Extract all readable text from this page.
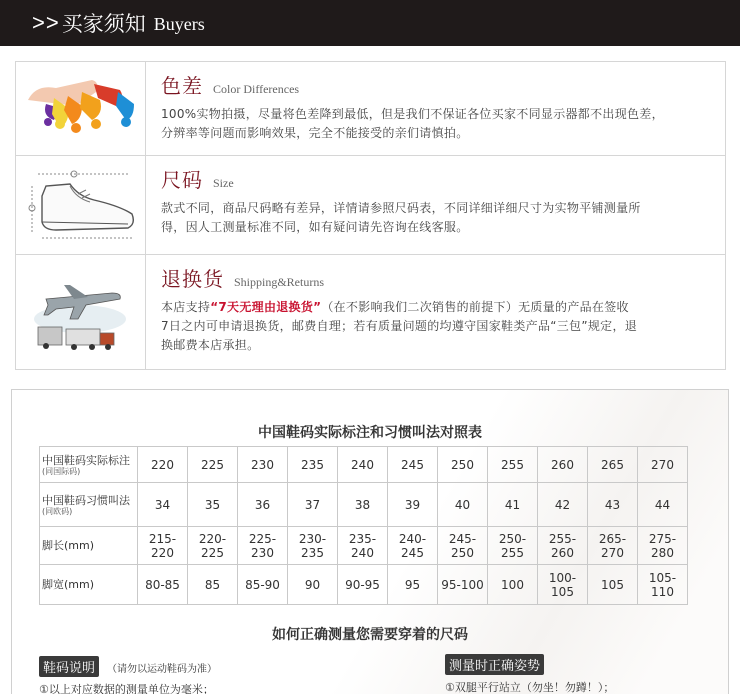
>> 买家须知 Buyers
色差 Color Differences
100%实物拍摄，尽量将色差降到最低，但是我们不保证各位买家不同显示器都不出现色差，
分辨率等问题而影响效果，完全不能接受的亲们请慎拍。
尺码 Size
款式不同，商品尺码略有差异，详情请参照尺码表，不同详细详细尺寸为实物平铺测量所
得，因人工测量标准不同，如有疑问请先咨询在线客服。
退换货 Shipping&Returns
本店支持“7天无理由退换货”（在不影响我们二次销售的前提下）无质量的产品在签收
7日之内可申请退换货，邮费自理；若有质量问题的均遵守国家鞋类产品“三包”规定，退
换邮费本店承担。
中国鞋码实际标注和习惯叫法对照表
中国鞋码实际标注
(同国际码)	220	225	230	235	240	245	250	255	260	265	270

中国鞋码习惯叫法
(同欧码)	34	35	36	37	38	39	40	41	42	43	44

脚长(mm)	215-220	220-225	225-230	230-235	235-240	240-245	245-250	250-255	255-260	265-270	275-280

脚宽(mm)	80-85	85	85-90	90	90-95	95	95-100	100	100-105	105	105-110
如何正确测量您需要穿着的尺码
鞋码说明	（请勿以运动鞋码为准）
①以上对应数据的测量单位为毫米；
测量时正确姿势
①双腿平行站立（勿坐！勿蹲！）；
